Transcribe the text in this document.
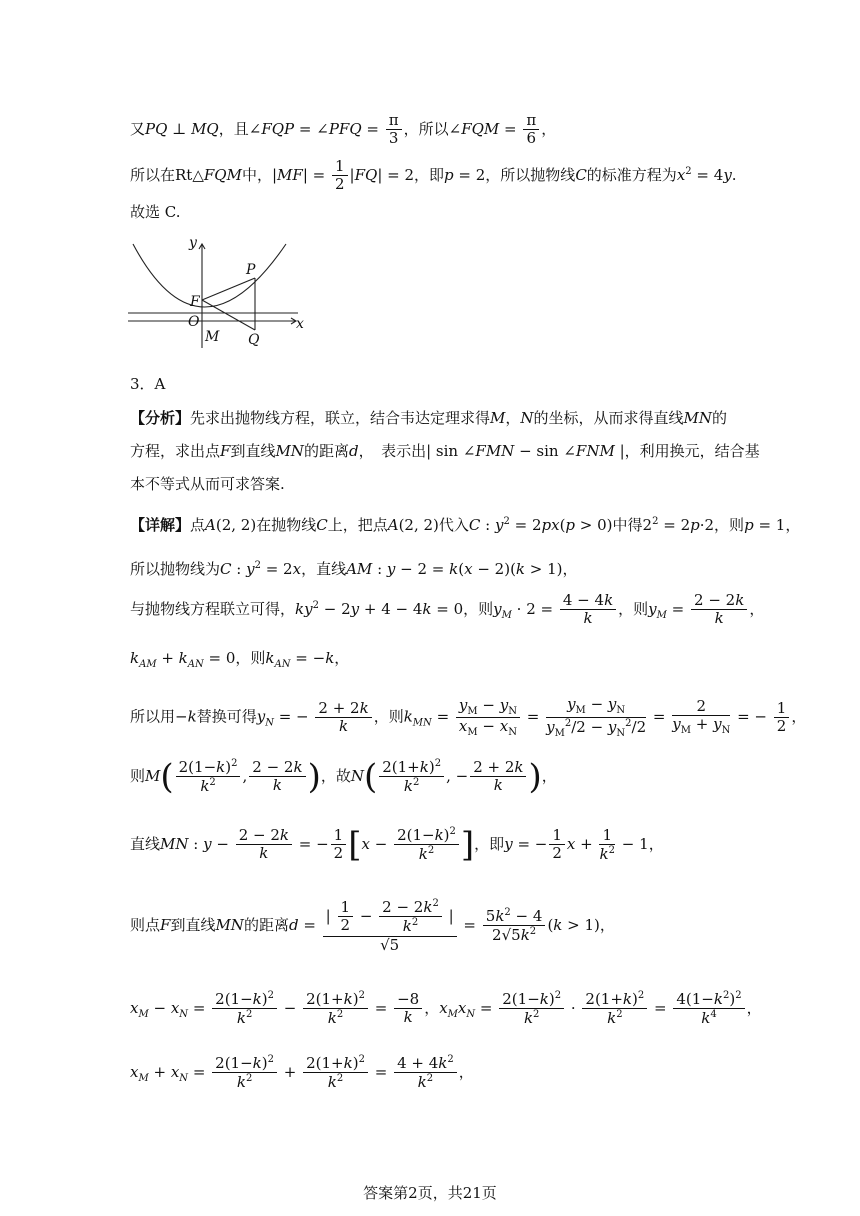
又PQ ⊥ MQ，且∠FQP = ∠PFQ = $\frac{\pi}{3}$ ，所以∠FQM = $\frac{\pi}{6}$ ，
所以在Rt△FQM中，$|MF| = \frac{1}{2} |FQ| = 2$，即p = 2，所以抛物线C的标准方程为$x^2 = 4y$.
故选 C.
y
x
P
F
O
M Q
3．A
【分析】先求出抛物线方程，联立，结合韦达定理求得M，N的坐标，从而求得直线MN的
方程，求出点F到直线MN的距离d，　表示出| sin ∠FMN − sin ∠FNM |，利用换元，结合基
本不等式从而可求答案.
【详解】点A(2, 2)在抛物线C上，把点A(2, 2)代入C : $y^2 = 2px(p > 0)$中得$2^2 = 2p\cdot 2$，则p = 1，
所以抛物线为C : $y^2 = 2x$，直线AM : y − 2 = k(x − 2)(k > 1)，
与抛物线方程联立可得，$ky^2 - 2y + 4 - 4k = 0$，则$y_M \cdot 2 = \frac{4 - 4k}{k}$ ，则$y_M = \frac{2 - 2k}{k}$ ，
$k_{AM} + k_{AN} = 0$，则$k_{AN} = -k$，
所以用−k替换可得$y_N$ = − $\frac{2 + 2k}{k}$ ，则$k_{MN} = \frac{y_M - y_N}{x_M - x_N} = \frac{y_M - y_N}{y_M^2/2 - y_N^2/2} = \frac{2}{y_M + y_N}$ = − $\frac{1}{2}$ ，
则$M( \frac{2(1-k)^2}{k^2}$ , $\frac{2 - 2k}{k}$ )，故$N( \frac{2(1+k)^2}{k^2}$ , − $\frac{2 + 2k}{k}$ )，
直线MN : $y - \frac{2 - 2k}{k}$ = − $\frac{1}{2} [x - \frac{2(1-k)^2}{k^2}$ ]，即y = − $\frac{1}{2}$ $x + \frac{1}{k^2} - 1$，
则点F到直线MN的距离$d = \frac{| \frac{1}{2} - \frac{2 - 2k^2}{k^2} |}{√5} = \frac{5k^2 - 4}{2√5k^2} (k > 1)$，
$x_M - x_N = \frac{2(1-k)^2}{k^2} - \frac{2(1+k)^2}{k^2} = \frac{-8}{k}$ ，$x_Mx_N = \frac{2(1-k)^2}{k^2} \cdot \frac{2(1+k)^2}{k^2} = \frac{4(1-k^2)^2}{k^4}$ ，
$x_M + x_N = \frac{2(1-k)^2}{k^2} + \frac{2(1+k)^2}{k^2} = \frac{4 + 4k^2}{k^2}$ ，
答案第2页，共21页
